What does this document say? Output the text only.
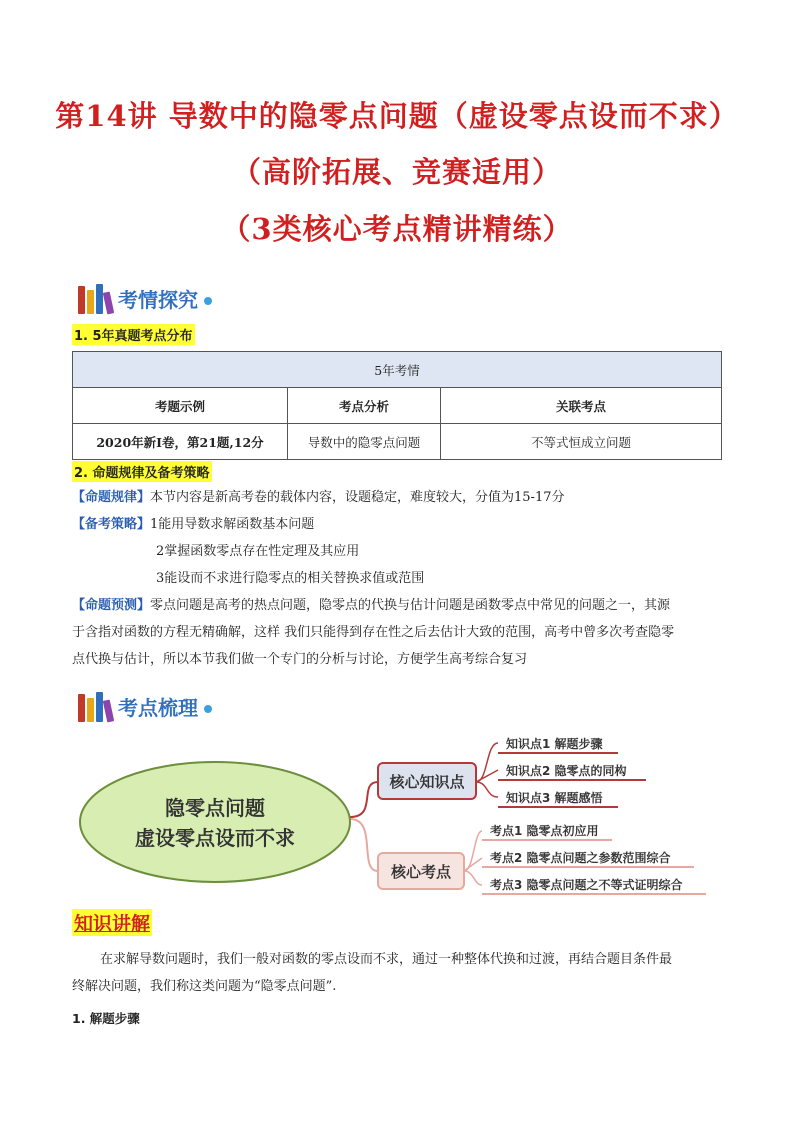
第14讲 导数中的隐零点问题（虚设零点设而不求）
（高阶拓展、竞赛适用）
（3类核心考点精讲精练）
考情探究
1. 5年真题考点分布
5年考情		
考题示例	考点分析	关联考点
2020年新I卷，第21题,12分	导数中的隐零点问题	不等式恒成立问题
2. 命题规律及备考策略
【命题规律】本节内容是新高考卷的载体内容，设题稳定，难度较大，分值为15-17分
【备考策略】1能用导数求解函数基本问题
2掌握函数零点存在性定理及其应用
3能设而不求进行隐零点的相关替换求值或范围
【命题预测】零点问题是高考的热点问题，隐零点的代换与估计问题是函数零点中常见的问题之一，其源
于含指对函数的方程无精确解，这样 我们只能得到存在性之后去估计大致的范围，高考中曾多次考查隐零
点代换与估计，所以本节我们做一个专门的分析与讨论，方便学生高考综合复习
考点梳理
隐零点问题
虚设零点设而不求
核心知识点
知识点1 解题步骤
知识点2 隐零点的同构
知识点3 解题感悟
核心考点
考点1 隐零点初应用
考点2 隐零点问题之参数范围综合
考点3 隐零点问题之不等式证明综合
知识讲解
在求解导数问题时，我们一般对函数的零点设而不求，通过一种整体代换和过渡，再结合题目条件最
终解决问题，我们称这类问题为“隐零点问题”.
1. 解题步骤
